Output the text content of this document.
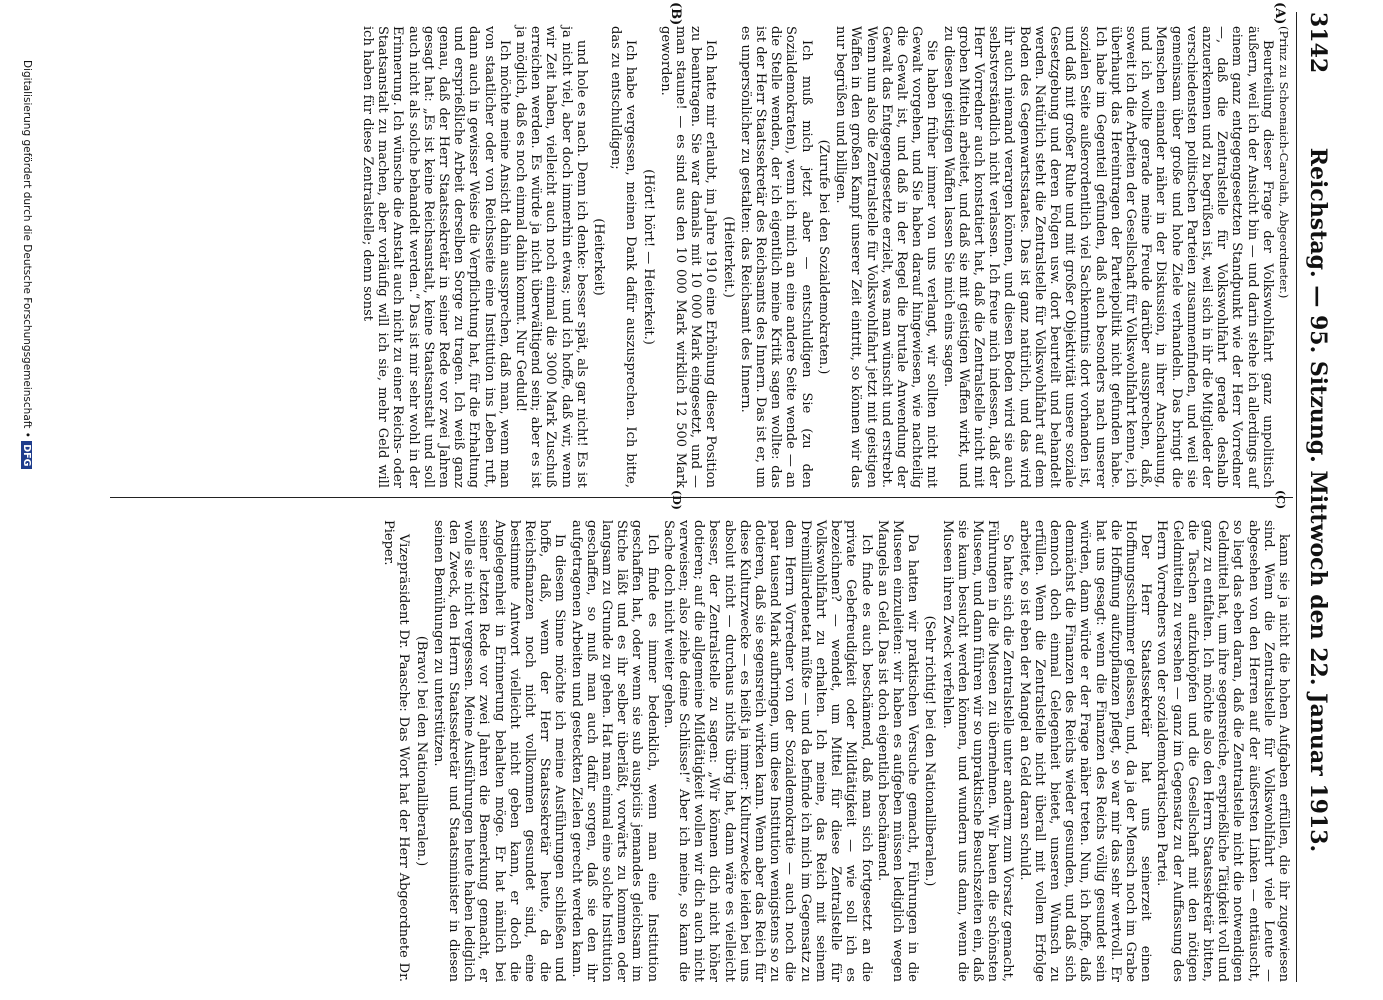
3142
Reichstag. — 95. Sitzung. Mittwoch den 22. Januar 1913.
(A)
(B)
(C)
(D)

(Prinz zu Schoenaich-Carolath, Abgeordneter.)

Beurteilung dieser Frage der Volkswohlfahrt ganz unpolitisch äußern, weil ich der Ansicht bin — und darin stehe ich allerdings auf einem ganz entgegengesetzten Standpunkt wie der Herr Vorredner —, daß die Zentralstelle für Volkswohlfahrt gerade deshalb anzuerkennen und zu begrüßen ist, weil sich in ihr die Mitglieder der verschiedensten politischen Parteien zusammenfinden, und weil sie gemeinsam über große und hohe Ziele verhandeln. Das bringt die Menschen einander näher in der Diskussion, in ihrer Anschauung, und ich wollte gerade meine Freude darüber aussprechen, daß, soweit ich die Arbeiten der Gesellschaft für Volkswohlfahrt kenne, ich überhaupt das Hereintragen der Parteipolitik nicht gefunden habe. Ich habe im Gegenteil gefunden, daß auch besonders nach unserer sozialen Seite außerordentlich viel Sachkenntnis dort vorhanden ist, und daß mit großer Ruhe und mit großer Objektivität unsere soziale Gesetzgebung und deren Folgen usw. dort beurteilt und behandelt werden. Natürlich steht die Zentralstelle für Volkswohlfahrt auf dem Boden des Gegenwartsstaates. Das ist ganz natürlich, und das wird ihr auch niemand verargen können, und diesen Boden wird sie auch selbstverständlich nicht verlassen. Ich freue mich indessen, daß der Herr Vorredner auch konstatiert hat, daß die Zentralstelle nicht mit groben Mitteln arbeitet, und daß sie mit geistigen Waffen wirkt, und zu diesen geistigen Waffen lassen Sie mich eins sagen.

Sie haben früher immer von uns verlangt, wir sollten nicht mit Gewalt vorgehen, und Sie haben darauf hingewiesen, wie nachteilig die Gewalt ist, und daß in der Regel die brutale Anwendung der Gewalt das Entgegengesetzte erzielt, was man wünscht und erstrebt. Wenn nun also die Zentralstelle für Volkswohlfahrt jetzt mit geistigen Waffen in den großen Kampf unserer Zeit eintritt, so können wir das nur begrüßen und billigen.

(Zurufe bei den Sozialdemokraten.)

Ich muß mich jetzt aber — entschuldigen Sie (zu den Sozialdemokraten), wenn ich mich an eine andere Seite wende — an die Stelle wenden, der ich eigentlich meine Kritik sagen wollte: das ist der Herr Staatssekretär des Reichsamts des Innern. Das ist er, um es unpersönlicher zu gestalten: das Reichsamt des Innern.

(Heiterkeit.)

Ich hatte mir erlaubt, im Jahre 1910 eine Erhöhung dieser Position zu beantragen. Sie war damals mit 10 000 Mark eingesetzt, und — man staune! — es sind aus den 10 000 Mark wirklich 12 500 Mark geworden.

(Hört! hört! — Heiterkeit.)

Ich habe vergessen, meinen Dank dafür auszusprechen. Ich bitte, das zu entschuldigen;

(Heiterkeit)

und hole es nach. Denn ich denke: besser spät, als gar nicht! Es ist ja nicht viel, aber doch immerhin etwas; und ich hoffe, daß wir, wenn wir Zeit haben, vielleicht auch noch einmal die 3000 Mark Zuschuß erreichen werden. Es würde ja nicht überwältigend sein; aber es ist ja möglich, daß es noch einmal dahin kommt. Nur Geduld!

Ich möchte meine Ansicht dahin aussprechen, daß man, wenn man von staatlicher oder von Reichsseite eine Institution ins Leben ruft, dann auch in gewisser Weise die Verpflichtung hat, für die Erhaltung und ersprießliche Arbeit derselben Sorge zu tragen. Ich weiß ganz genau, daß der Herr Staatssekretär in seiner Rede vor zwei Jahren gesagt hat: „Es ist keine Reichsanstalt, keine Staatsanstalt und soll auch nicht als solche behandelt werden.“ Das ist mir sehr wohl in der Erinnerung. Ich wünsche die Anstalt auch nicht zu einer Reichs- oder Staatsanstalt zu machen, aber vorläufig will ich sie, mehr Geld will ich haben für diese Zentralstelle; denn sonst

kann sie ja nicht die hohen Aufgaben erfüllen, die ihr zugewiesen sind. Wenn die Zentralstelle für Volkswohlfahrt viele Leute — abgesehen von den Herren auf der äußersten Linken — enttäuscht, so liegt das eben daran, daß die Zentralstelle nicht die notwendigen Geldmittel hat, um ihre segensreiche, ersprießliche Tätigkeit voll und ganz zu entfalten. Ich möchte also den Herrn Staatssekretär bitten, die Taschen aufzuknöpfen und die Gesellschaft mit den nötigen Geldmitteln zu versehen — ganz im Gegensatz zu der Auffassung des Herrn Vorredners von der sozialdemokratischen Partei.

Der Herr Staatssekretär hat uns seinerzeit einen Hoffnungsschimmer gelassen, und, da ja der Mensch noch im Grabe die Hoffnung aufzupflanzen pflegt, so war mir das sehr wertvoll. Er hat uns gesagt: wenn die Finanzen des Reichs völlig gesundet sein würden, dann würde er der Frage näher treten. Nun, ich hoffe, daß demnächst die Finanzen des Reichs wieder gesunden, und daß sich dennoch doch einmal Gelegenheit bietet, unseren Wunsch zu erfüllen. Wenn die Zentralstelle nicht überall mit vollem Erfolge arbeitet, so ist eben der Mangel an Geld daran schuld.

So hatte sich die Zentralstelle unter anderm zum Vorsatz gemacht, Führungen in die Museen zu übernehmen. Wir bauen die schönsten Museen, und dann führen wir so unpraktische Besuchszeiten ein, daß sie kaum besucht werden können, und wundern uns dann, wenn die Museen ihren Zweck verfehlen.

(Sehr richtig! bei den Nationalliberalen.)

Da hatten wir praktischen Versuche gemacht, Führungen in die Museen einzuleiten: wir haben es aufgeben müssen lediglich wegen Mangels an Geld. Das ist doch eigentlich beschämend.

Ich finde es auch beschämend, daß man sich fortgesetzt an die private Gebefreudigkeit oder Mildtätigkeit — wie soll ich es bezeichnen? — wendet, um Mittel für diese Zentralstelle für Volkswohlfahrt zu erhalten. Ich meine, das Reich mit seinem Dreimilliardenetat müßte — und da befinde ich mich im Gegensatz zu dem Herrn Vorredner von der Sozialdemokratie — auch noch die paar tausend Mark aufbringen, um diese Institution wenigstens so zu dotieren, daß sie segensreich wirken kann. Wenn aber das Reich für diese Kulturzwecke — es heißt ja immer: Kulturzwecke leiden bei uns absolut nicht — durchaus nichts übrig hat, dann wäre es vielleicht besser, der Zentralstelle zu sagen: „Wir können dich nicht höher dotieren; auf die allgemeine Mildtätigkeit wollen wir dich auch nicht verweisen; also ziehe deine Schlüsse!“ Aber ich meine, so kann die Sache doch nicht weiter gehen.

Ich finde es immer bedenklich, wenn man eine Institution geschaffen hat, oder wenn sie sub auspiciis jemandes gleichsam im Stiche läßt und es ihr selber überläßt, vorwärts zu kommen oder langsam zu Grunde zu gehen. Hat man einmal eine solche Institution geschaffen, so muß man auch dafür sorgen, daß sie den ihr aufgetragenen Arbeiten und gesteckten Zielen gerecht werden kann.

In diesem Sinne möchte ich meine Ausführungen schließen und hoffe, daß, wenn der Herr Staatssekretär heute, da die Reichsfinanzen noch nicht vollkommen gesundet sind, eine bestimmte Antwort vielleicht nicht geben kann, er doch die Angelegenheit in Erinnerung behalten möge. Er hat nämlich bei seiner letzten Rede vor zwei Jahren die Bemerkung gemacht, er wolle sie nicht vergessen. Meine Ausführungen heute haben lediglich den Zweck, den Herrn Staatssekretär und Staatsminister in diesen seinen Bemühungen zu unterstützen.

(Bravo! bei den Nationalliberalen.)

Vizepräsident Dr. Paasche: Das Wort hat der Herr Abgeordnete Dr. Pieper.

Digitalisierung gefördert durch die Deutsche Forschungsgemeinschaft • DFG
